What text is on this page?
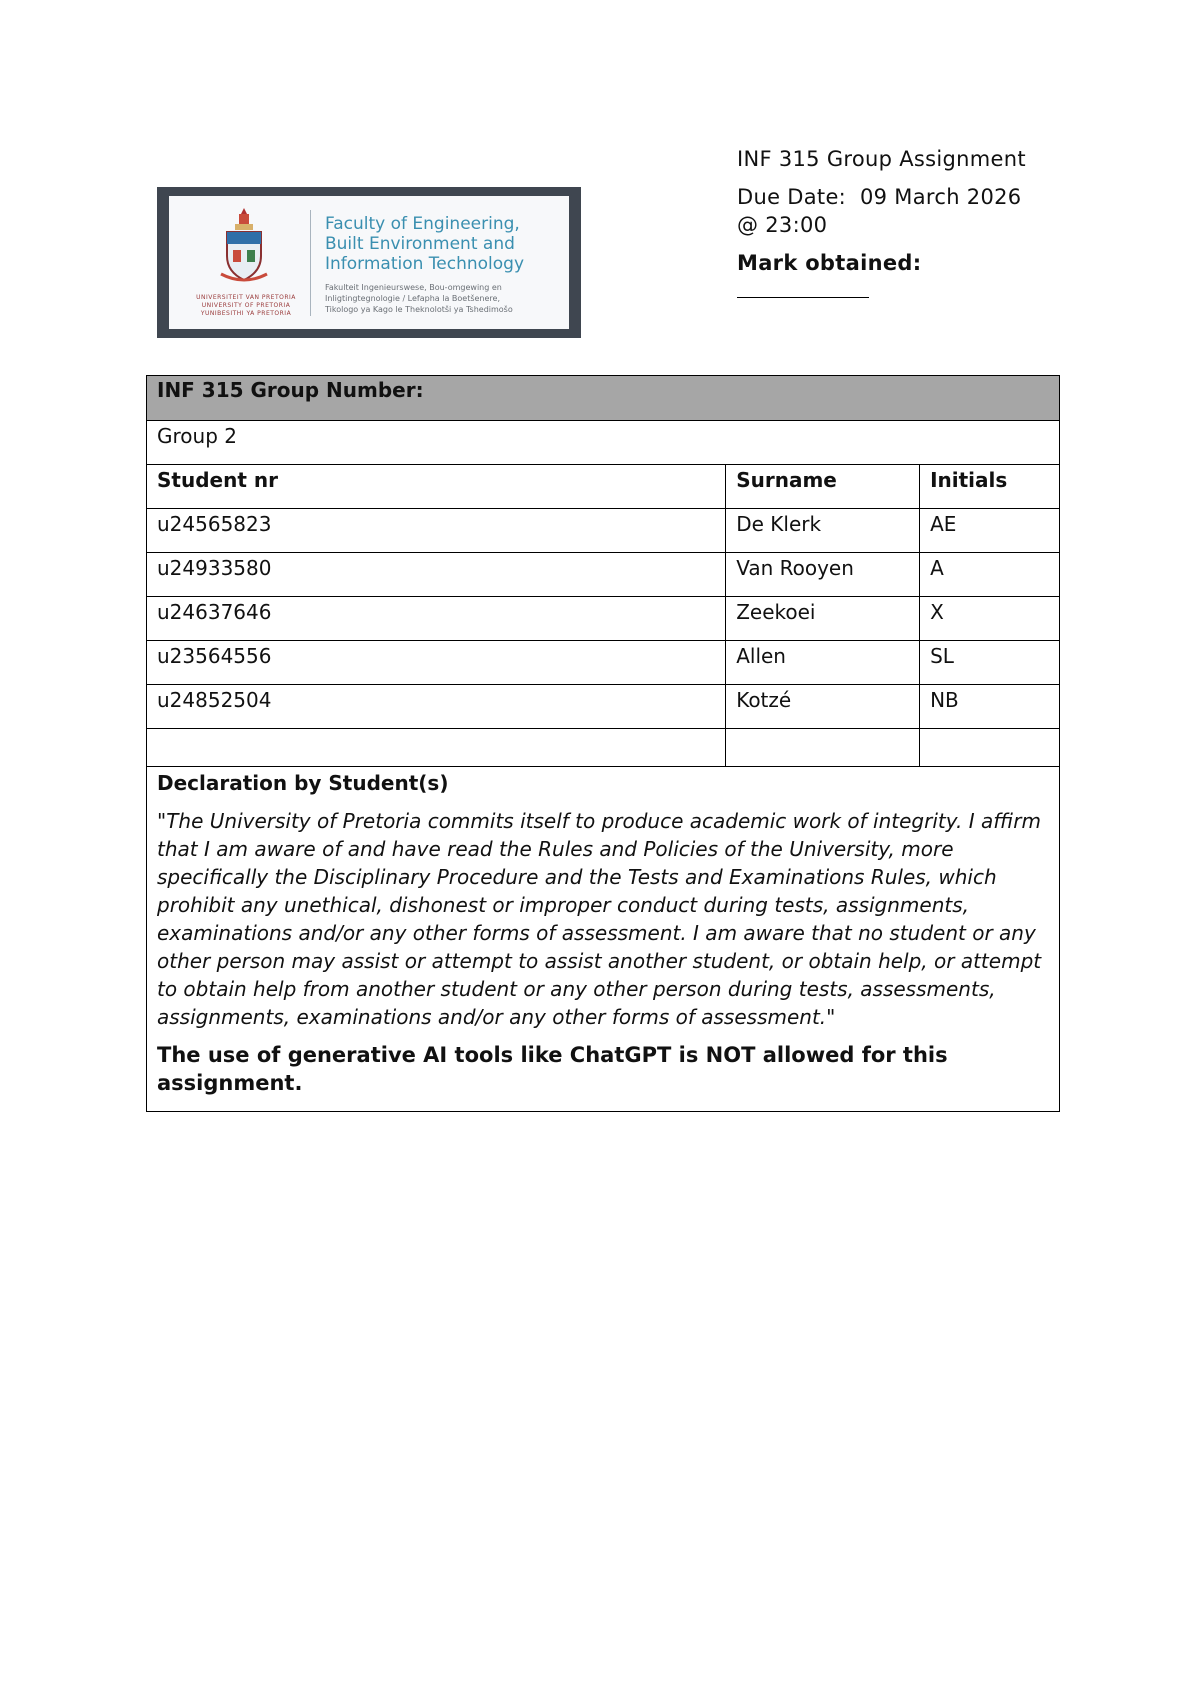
UNIVERSITEIT VAN PRETORIA
UNIVERSITY OF PRETORIA
YUNIBESITHI YA PRETORIA
Faculty of Engineering,
Built Environment and
Information Technology
Fakulteit Ingenieurswese, Bou-omgewing en
Inligtingtegnologie / Lefapha la Boetšenere,
Tikologo ya Kago le Theknolotši ya Tshedimošo

INF 315 Group Assignment

Due Date: 09 March 2026 @ 23:00

Mark obtained:

INF 315 Group Number:		
Group 2		
Student nr	Surname	Initials
u24565823	De Klerk	AE
u24933580	Van Rooyen	A
u24637646	Zeekoei	X
u23564556	Allen	SL
u24852504	Kotzé	NB

Declaration by Student(s)
"The University of Pretoria commits itself to produce academic work of integrity. I affirm that I am aware of and have read the Rules and Policies of the University, more specifically the Disciplinary Procedure and the Tests and Examinations Rules, which prohibit any unethical, dishonest or improper conduct during tests, assignments, examinations and/or any other forms of assessment. I am aware that no student or any other person may assist or attempt to assist another student, or obtain help, or attempt to obtain help from another student or any other person during tests, assessments, assignments, examinations and/or any other forms of assessment."
The use of generative AI tools like ChatGPT is NOT allowed for this assignment.		
